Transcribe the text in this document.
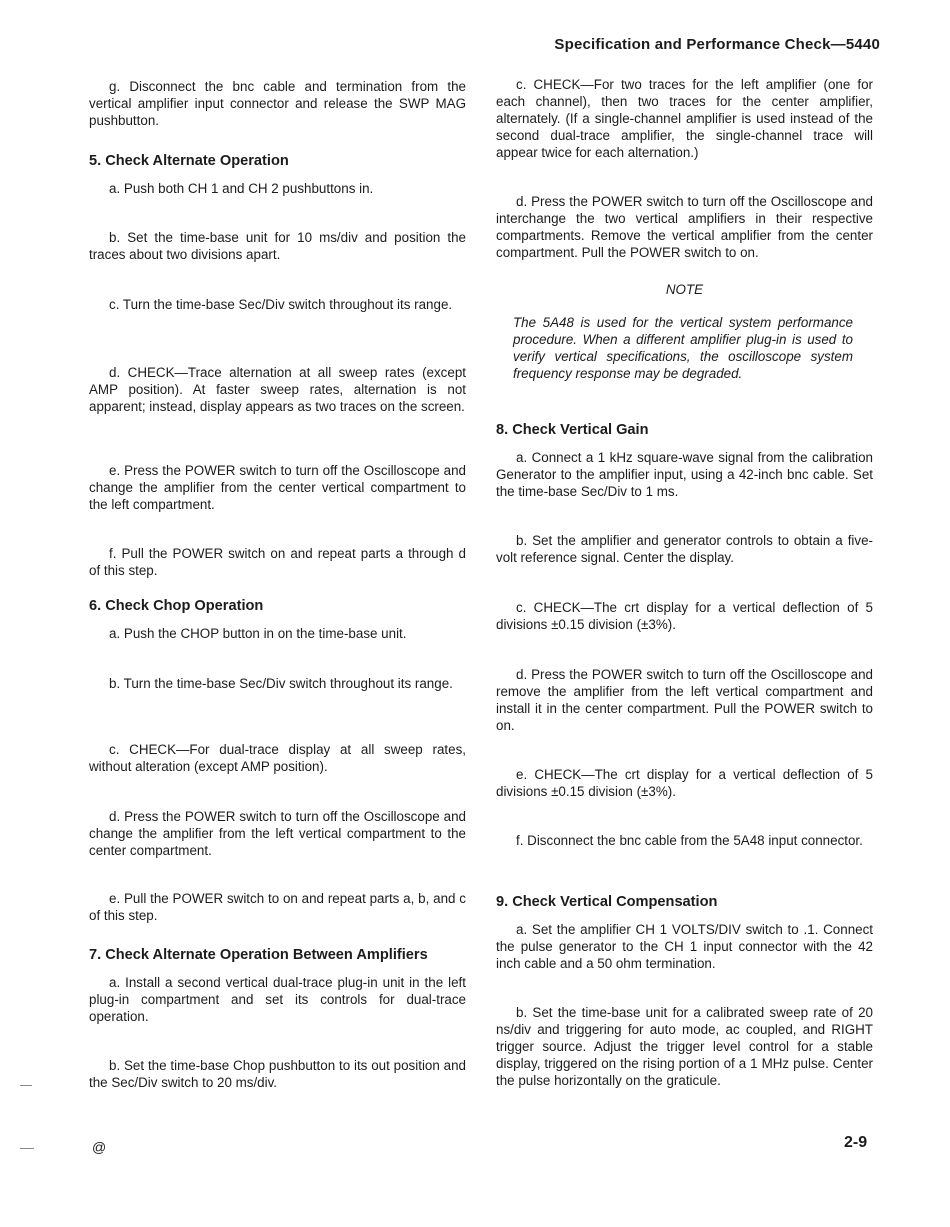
Specification and Performance Check—5440

g. Disconnect the bnc cable and termination from the vertical amplifier input connector and release the SWP MAG pushbutton.

5. Check Alternate Operation

a. Push both CH 1 and CH 2 pushbuttons in.

b. Set the time-base unit for 10 ms/div and position the traces about two divisions apart.

c. Turn the time-base Sec/Div switch throughout its range.

d. CHECK—Trace alternation at all sweep rates (except AMP position). At faster sweep rates, alternation is not apparent; instead, display appears as two traces on the screen.

e. Press the POWER switch to turn off the Oscilloscope and change the amplifier from the center vertical compartment to the left compartment.

f. Pull the POWER switch on and repeat parts a through d of this step.

6. Check Chop Operation

a. Push the CHOP button in on the time-base unit.

b. Turn the time-base Sec/Div switch throughout its range.

c. CHECK—For dual-trace display at all sweep rates, without alteration (except AMP position).

d. Press the POWER switch to turn off the Oscilloscope and change the amplifier from the left vertical compartment to the center compartment.

e. Pull the POWER switch to on and repeat parts a, b, and c of this step.

7. Check Alternate Operation Between Amplifiers

a. Install a second vertical dual-trace plug-in unit in the left plug-in compartment and set its controls for dual-trace operation.

b. Set the time-base Chop pushbutton to its out position and the Sec/Div switch to 20 ms/div.

c. CHECK—For two traces for the left amplifier (one for each channel), then two traces for the center amplifier, alternately. (If a single-channel amplifier is used instead of the second dual-trace amplifier, the single-channel trace will appear twice for each alternation.)

d. Press the POWER switch to turn off the Oscilloscope and interchange the two vertical amplifiers in their respective compartments. Remove the vertical amplifier from the center compartment. Pull the POWER switch to on.

NOTE

The 5A48 is used for the vertical system performance procedure. When a different amplifier plug-in is used to verify vertical specifications, the oscilloscope system frequency response may be degraded.

8. Check Vertical Gain

a. Connect a 1 kHz square-wave signal from the calibration Generator to the amplifier input, using a 42-inch bnc cable. Set the time-base Sec/Div to 1 ms.

b. Set the amplifier and generator controls to obtain a five-volt reference signal. Center the display.

c. CHECK—The crt display for a vertical deflection of 5 divisions ±0.15 division (±3%).

d. Press the POWER switch to turn off the Oscilloscope and remove the amplifier from the left vertical compartment and install it in the center compartment. Pull the POWER switch to on.

e. CHECK—The crt display for a vertical deflection of 5 divisions ±0.15 division (±3%).

f. Disconnect the bnc cable from the 5A48 input connector.

9. Check Vertical Compensation

a. Set the amplifier CH 1 VOLTS/DIV switch to .1. Connect the pulse generator to the CH 1 input connector with the 42 inch cable and a 50 ohm termination.

b. Set the time-base unit for a calibrated sweep rate of 20 ns/div and triggering for auto mode, ac coupled, and RIGHT trigger source. Adjust the trigger level control for a stable display, triggered on the rising portion of a 1 MHz pulse. Center the pulse horizontally on the graticule.

@	2-9
